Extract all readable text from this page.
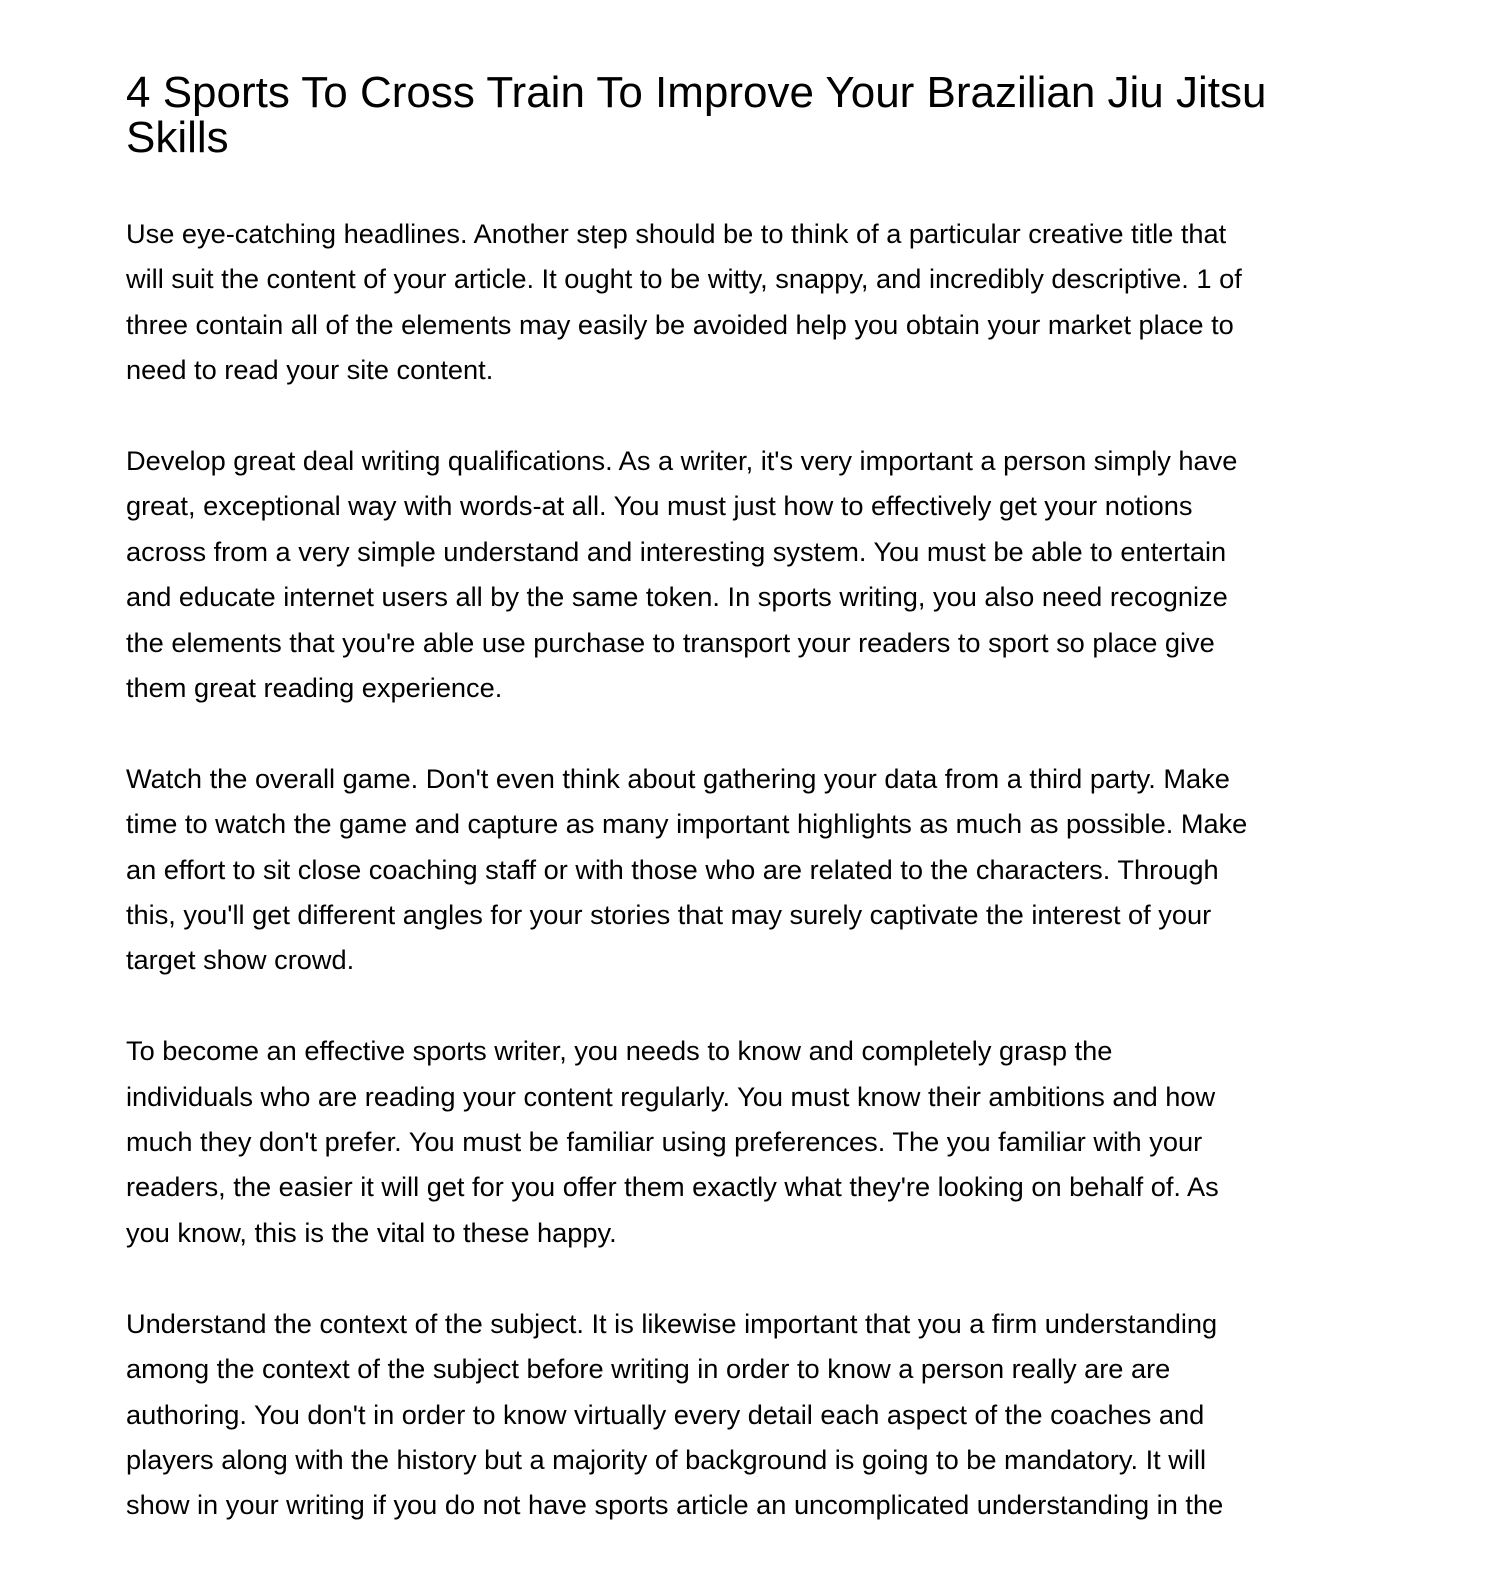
4 Sports To Cross Train To Improve Your Brazilian Jiu Jitsu
Skills

Use eye-catching headlines. Another step should be to think of a particular creative title that
will suit the content of your article. It ought to be witty, snappy, and incredibly descriptive. 1 of
three contain all of the elements may easily be avoided help you obtain your market place to
need to read your site content.

Develop great deal writing qualifications. As a writer, it's very important a person simply have
great, exceptional way with words-at all. You must just how to effectively get your notions
across from a very simple understand and interesting system. You must be able to entertain
and educate internet users all by the same token. In sports writing, you also need recognize
the elements that you're able use purchase to transport your readers to sport so place give
them great reading experience.

Watch the overall game. Don't even think about gathering your data from a third party. Make
time to watch the game and capture as many important highlights as much as possible. Make
an effort to sit close coaching staff or with those who are related to the characters. Through
this, you'll get different angles for your stories that may surely captivate the interest of your
target show crowd.

To become an effective sports writer, you needs to know and completely grasp the
individuals who are reading your content regularly. You must know their ambitions and how
much they don't prefer. You must be familiar using preferences. The you familiar with your
readers, the easier it will get for you offer them exactly what they're looking on behalf of. As
you know, this is the vital to these happy.

Understand the context of the subject. It is likewise important that you a firm understanding
among the context of the subject before writing in order to know a person really are are
authoring. You don't in order to know virtually every detail each aspect of the coaches and
players along with the history but a majority of background is going to be mandatory. It will
show in your writing if you do not have sports article an uncomplicated understanding in the
